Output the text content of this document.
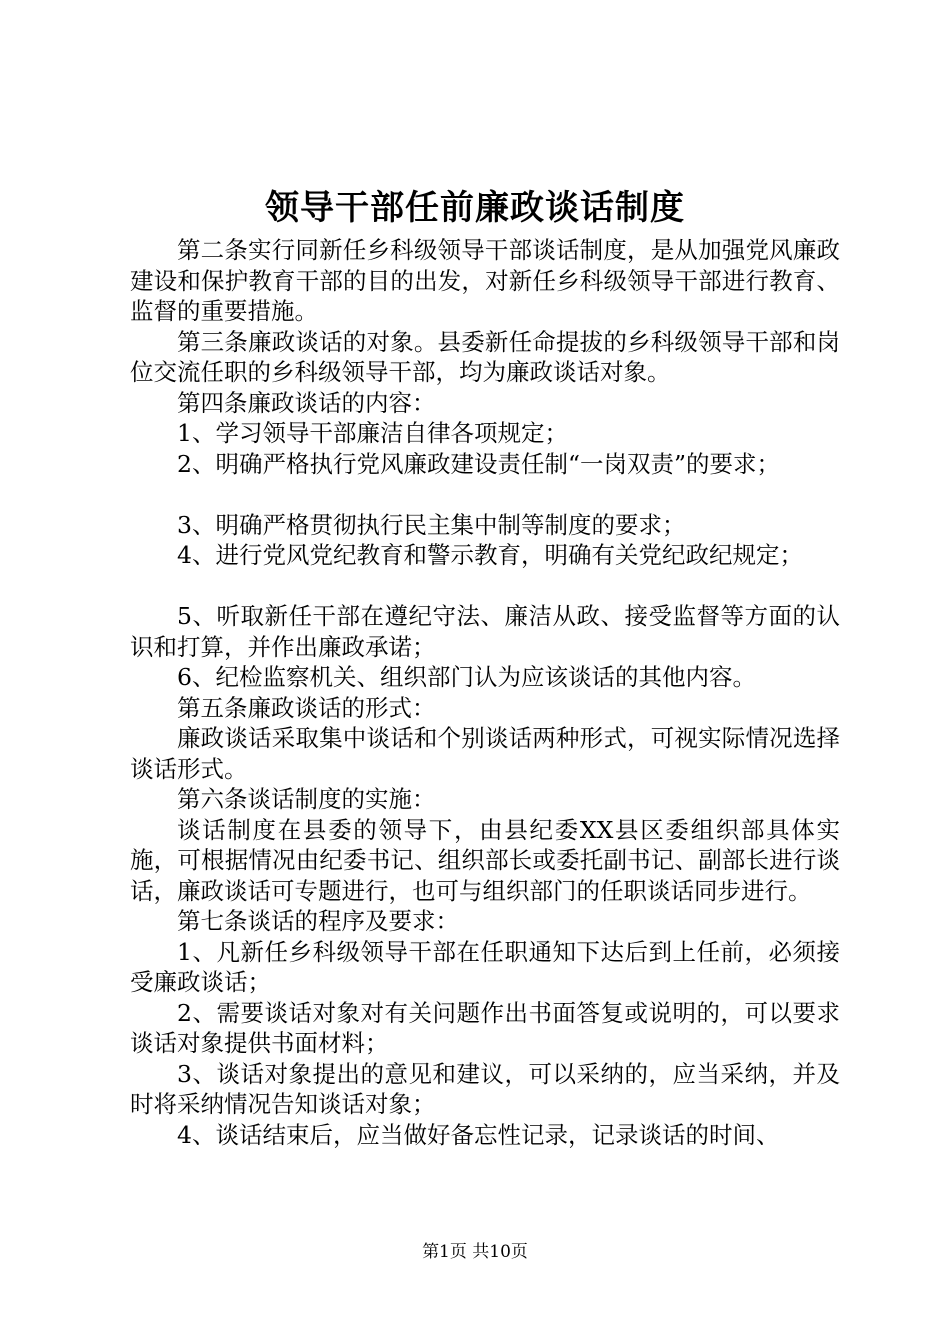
领导干部任前廉政谈话制度

第二条实行同新任乡科级领导干部谈话制度，是从加强党风廉政建设和保护教育干部的目的出发，对新任乡科级领导干部进行教育、监督的重要措施。

第三条廉政谈话的对象。县委新任命提拔的乡科级领导干部和岗位交流任职的乡科级领导干部，均为廉政谈话对象。

第四条廉政谈话的内容：

1、学习领导干部廉洁自律各项规定；

2、明确严格执行党风廉政建设责任制“一岗双责”的要求；

3、明确严格贯彻执行民主集中制等制度的要求；

4、进行党风党纪教育和警示教育，明确有关党纪政纪规定；

5、听取新任干部在遵纪守法、廉洁从政、接受监督等方面的认识和打算，并作出廉政承诺；

6、纪检监察机关、组织部门认为应该谈话的其他内容。

第五条廉政谈话的形式：

廉政谈话采取集中谈话和个别谈话两种形式，可视实际情况选择谈话形式。

第六条谈话制度的实施：

谈话制度在县委的领导下，由县纪委XX县区委组织部具体实施，可根据情况由纪委书记、组织部长或委托副书记、副部长进行谈话，廉政谈话可专题进行，也可与组织部门的任职谈话同步进行。

第七条谈话的程序及要求：

1、凡新任乡科级领导干部在任职通知下达后到上任前，必须接受廉政谈话；

2、需要谈话对象对有关问题作出书面答复或说明的，可以要求谈话对象提供书面材料；

3、谈话对象提出的意见和建议，可以采纳的，应当采纳，并及时将采纳情况告知谈话对象；

4、谈话结束后，应当做好备忘性记录，记录谈话的时间、

第1页 共10页
